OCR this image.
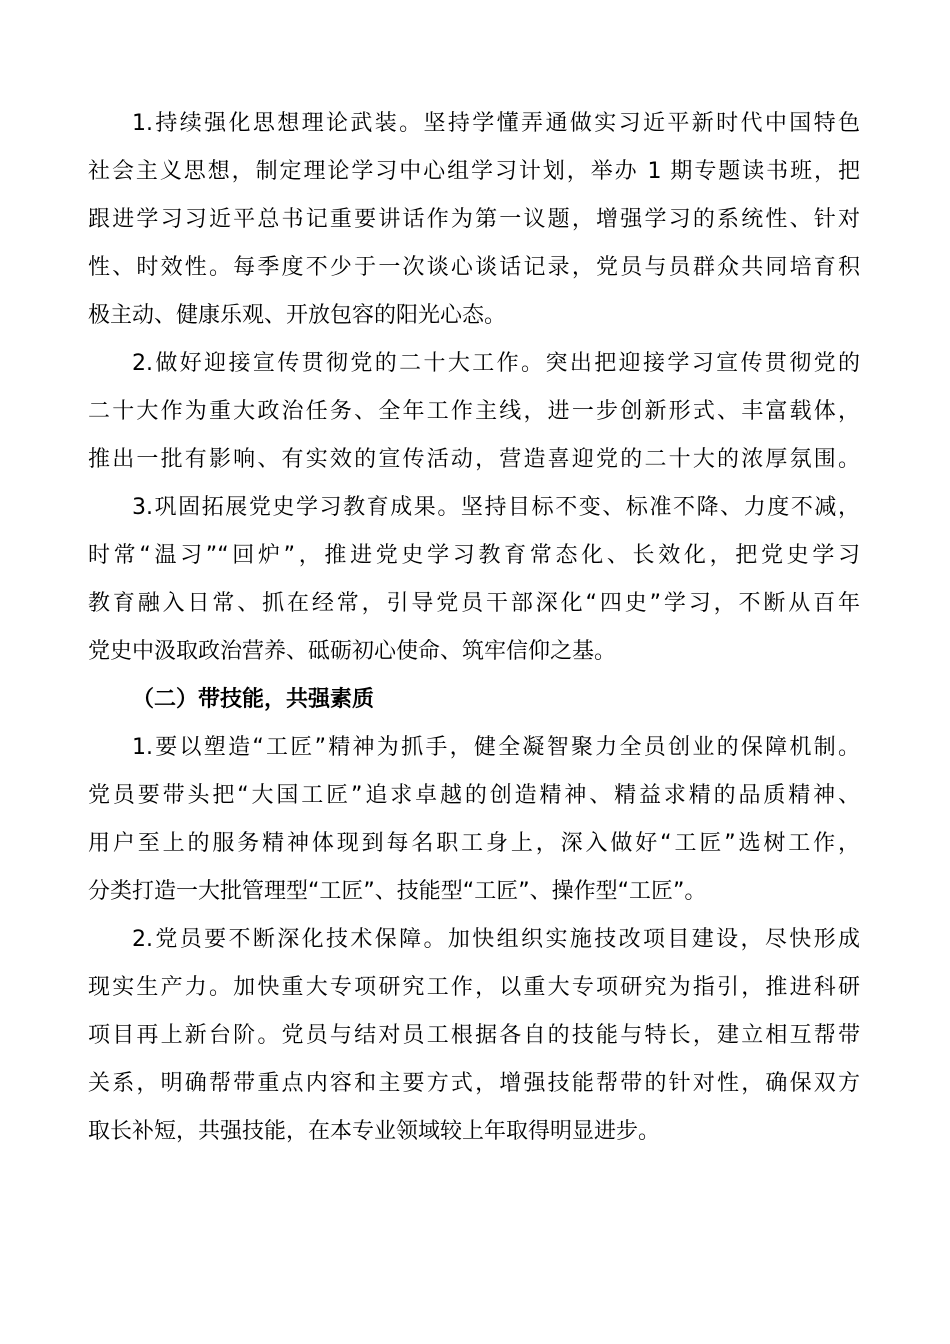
1.持续强化思想理论武装。坚持学懂弄通做实习近平新时代中国特色
社会主义思想，制定理论学习中心组学习计划，举办 1 期专题读书班，把
跟进学习习近平总书记重要讲话作为第一议题，增强学习的系统性、针对
性、时效性。每季度不少于一次谈心谈话记录，党员与员群众共同培育积
极主动、健康乐观、开放包容的阳光心态。
2.做好迎接宣传贯彻党的二十大工作。突出把迎接学习宣传贯彻党的
二十大作为重大政治任务、全年工作主线，进一步创新形式、丰富载体，
推出一批有影响、有实效的宣传活动，营造喜迎党的二十大的浓厚氛围。
3.巩固拓展党史学习教育成果。坚持目标不变、标准不降、力度不减，
时常“温习”“回炉”，推进党史学习教育常态化、长效化，把党史学习
教育融入日常、抓在经常，引导党员干部深化“四史”学习，不断从百年
党史中汲取政治营养、砥砺初心使命、筑牢信仰之基。
（二）带技能，共强素质
1.要以塑造“工匠”精神为抓手，健全凝智聚力全员创业的保障机制。
党员要带头把“大国工匠”追求卓越的创造精神、精益求精的品质精神、
用户至上的服务精神体现到每名职工身上，深入做好“工匠”选树工作，
分类打造一大批管理型“工匠”、技能型“工匠”、操作型“工匠”。
2.党员要不断深化技术保障。加快组织实施技改项目建设，尽快形成
现实生产力。加快重大专项研究工作，以重大专项研究为指引，推进科研
项目再上新台阶。党员与结对员工根据各自的技能与特长，建立相互帮带
关系，明确帮带重点内容和主要方式，增强技能帮带的针对性，确保双方
取长补短，共强技能，在本专业领域较上年取得明显进步。
